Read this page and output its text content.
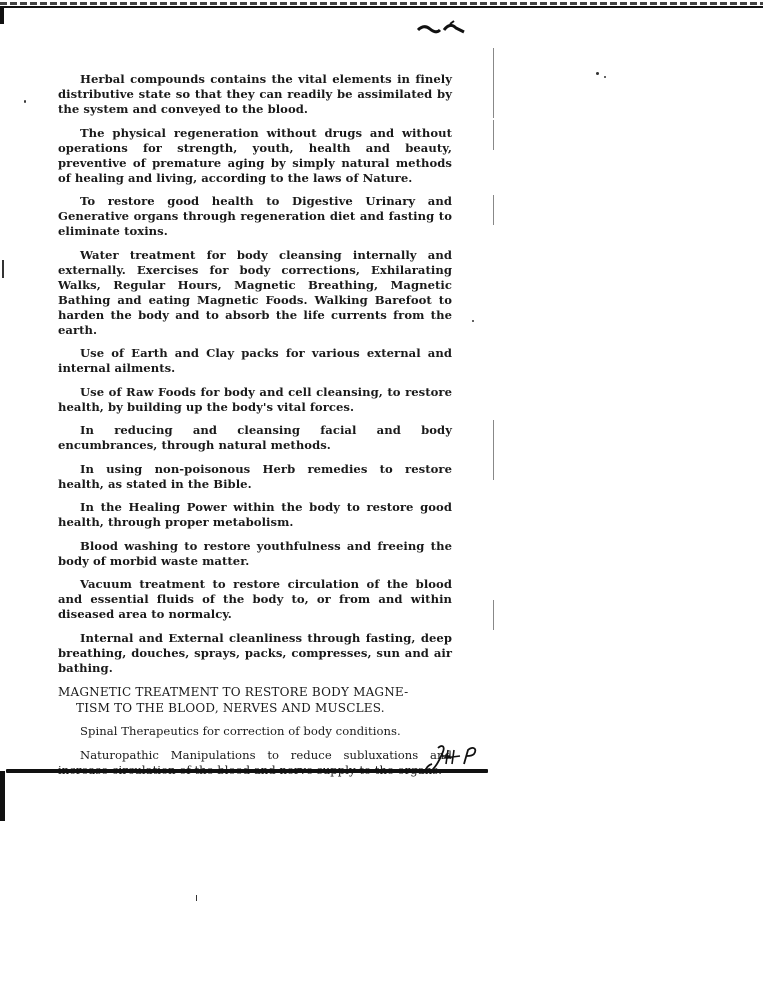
Herbal compounds contains the vital elements in finely distributive state so that they can readily be assimilated by the system and conveyed to the blood.

The physical regeneration without drugs and without operations for strength, youth, health and beauty, preventive of premature aging by simply natural methods of healing and living, according to the laws of Nature.

To restore good health to Digestive Urinary and Generative organs through regeneration diet and fasting to eliminate toxins.

Water treatment for body cleansing internally and externally. Exercises for body corrections, Exhilarating Walks, Regular Hours, Magnetic Breathing, Magnetic Bathing and eating Magnetic Foods. Walking Barefoot to harden the body and to absorb the life currents from the earth.

Use of Earth and Clay packs for various external and internal ailments.

Use of Raw Foods for body and cell cleansing, to restore health, by building up the body's vital forces.

In reducing and cleansing facial and body encumbrances, through natural methods.

In using non-poisonous Herb remedies to restore health, as stated in the Bible.

In the Healing Power within the body to restore good health, through proper metabolism.

Blood washing to restore youthfulness and freeing the body of morbid waste matter.

Vacuum treatment to restore circulation of the blood and essential fluids of the body to, or from and within diseased area to normalcy.

Internal and External cleanliness through fasting, deep breathing, douches, sprays, packs, compresses, sun and air bathing.

MAGNETIC TREATMENT TO RESTORE BODY MAGNE-
TISM TO THE BLOOD, NERVES AND MUSCLES.

Spinal Therapeutics for correction of body conditions.

Naturopathic Manipulations to reduce subluxations and
